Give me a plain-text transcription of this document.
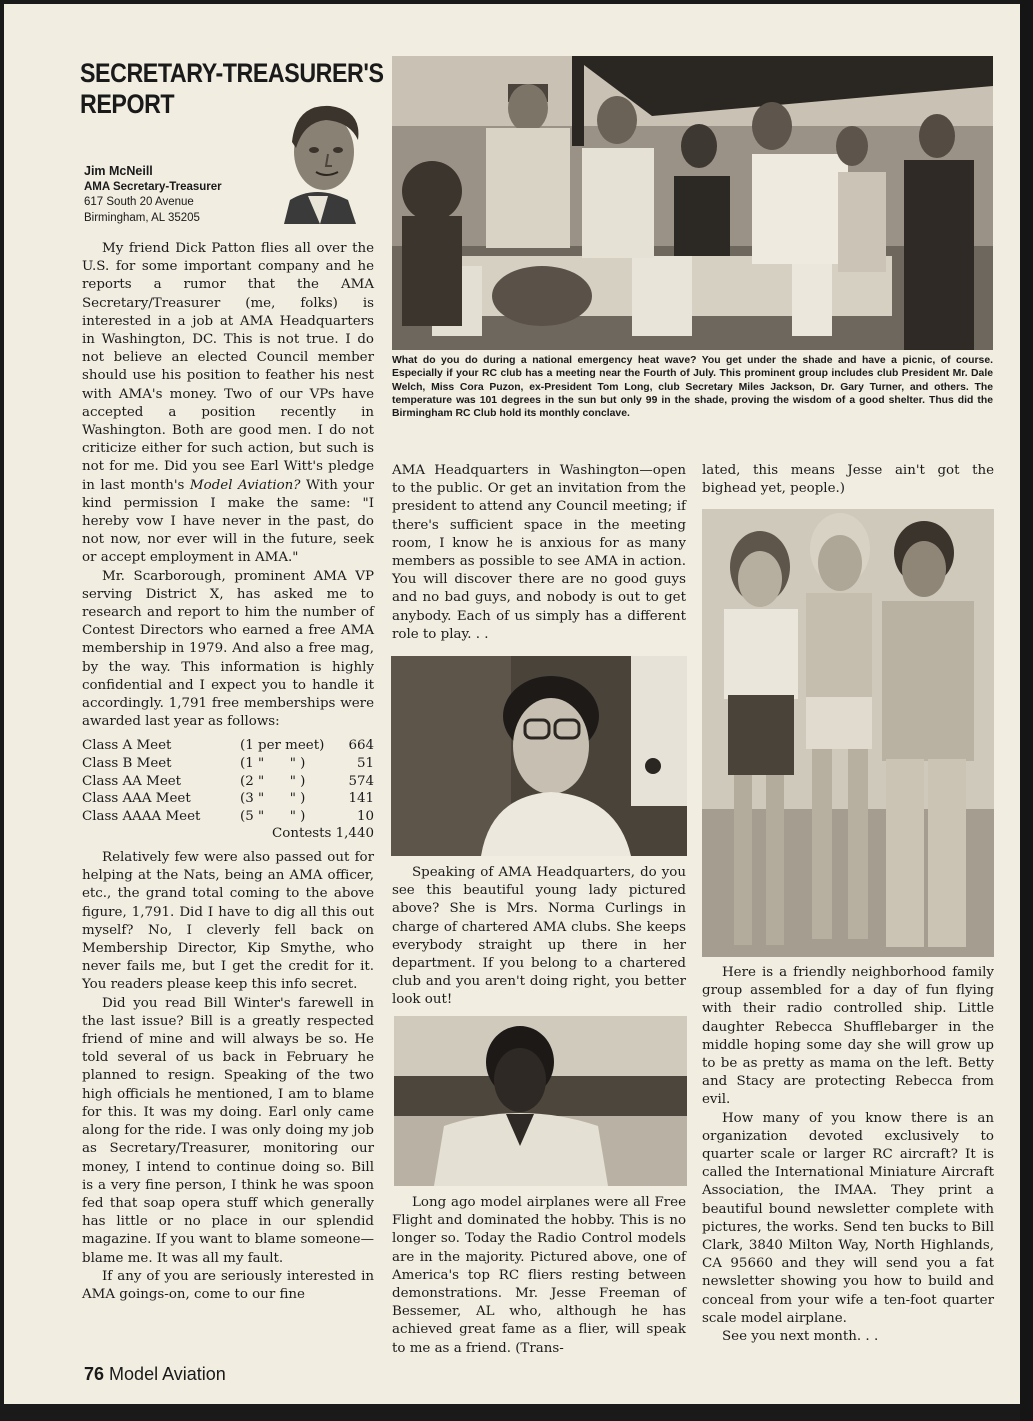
SECRETARY-TREASURER'S
REPORT
Jim McNeill
AMA Secretary-Treasurer
617 South 20 Avenue
Birmingham, AL 35205

My friend Dick Patton flies all over the U.S. for some important company and he reports a rumor that the AMA Secretary/Treasurer (me, folks) is interested in a job at AMA Headquarters in Washington, DC. This is not true. I do not believe an elected Council member should use his position to feather his nest with AMA's money. Two of our VPs have accepted a position recently in Washington. Both are good men. I do not criticize either for such action, but such is not for me. Did you see Earl Witt's pledge in last month's Model Aviation? With your kind permission I make the same: "I hereby vow I have never in the past, do not now, nor ever will in the future, seek or accept employment in AMA."

Mr. Scarborough, prominent AMA VP serving District X, has asked me to research and report to him the number of Contest Directors who earned a free AMA membership in 1979. And also a free mag, by the way. This information is highly confidential and I expect you to handle it accordingly. 1,791 free memberships were awarded last year as follows:

Class A Meet	(1 per meet)	664
Class B Meet	(1 "      " )	51
Class AA Meet	(2 "      " )	574
Class AAA Meet	(3 "      " )	141
Class AAAA Meet	(5 "      " )	10
Contests 1,440

Relatively few were also passed out for helping at the Nats, being an AMA officer, etc., the grand total coming to the above figure, 1,791. Did I have to dig all this out myself? No, I cleverly fell back on Membership Director, Kip Smythe, who never fails me, but I get the credit for it. You readers please keep this info secret.

Did you read Bill Winter's farewell in the last issue? Bill is a greatly respected friend of mine and will always be so. He told several of us back in February he planned to resign. Speaking of the two high officials he mentioned, I am to blame for this. It was my doing. Earl only came along for the ride. I was only doing my job as Secretary/Treasurer, monitoring our money, I intend to continue doing so. Bill is a very fine person, I think he was spoon fed that soap opera stuff which generally has little or no place in our splendid magazine. If you want to blame someone—blame me. It was all my fault.

If any of you are seriously interested in AMA goings-on, come to our fine

What do you do during a national emergency heat wave? You get under the shade and have a picnic, of course. Especially if your RC club has a meeting near the Fourth of July. This prominent group includes club President Mr. Dale Welch, Miss Cora Puzon, ex-President Tom Long, club Secretary Miles Jackson, Dr. Gary Turner, and others. The temperature was 101 degrees in the sun but only 99 in the shade, proving the wisdom of a good shelter. Thus did the Birmingham RC Club hold its monthly conclave.

AMA Headquarters in Washington—open to the public. Or get an invitation from the president to attend any Council meeting; if there's sufficient space in the meeting room, I know he is anxious for as many members as possible to see AMA in action. You will discover there are no good guys and no bad guys, and nobody is out to get anybody. Each of us simply has a different role to play. . .

Speaking of AMA Headquarters, do you see this beautiful young lady pictured above? She is Mrs. Norma Curlings in charge of chartered AMA clubs. She keeps everybody straight up there in her department. If you belong to a chartered club and you aren't doing right, you better look out!

Long ago model airplanes were all Free Flight and dominated the hobby. This is no longer so. Today the Radio Control models are in the majority. Pictured above, one of America's top RC fliers resting between demonstrations. Mr. Jesse Freeman of Bessemer, AL who, although he has achieved great fame as a flier, will speak to me as a friend. (Trans-

lated, this means Jesse ain't got the bighead yet, people.)

Here is a friendly neighborhood family group assembled for a day of fun flying with their radio controlled ship. Little daughter Rebecca Shufflebarger in the middle hoping some day she will grow up to be as pretty as mama on the left. Betty and Stacy are protecting Rebecca from evil.

How many of you know there is an organization devoted exclusively to quarter scale or larger RC aircraft? It is called the International Miniature Aircraft Association, the IMAA. They print a beautiful bound newsletter complete with pictures, the works. Send ten bucks to Bill Clark, 3840 Milton Way, North Highlands, CA 95660 and they will send you a fat newsletter showing you how to build and conceal from your wife a ten-foot quarter scale model airplane.

See you next month. . .

76 Model Aviation
